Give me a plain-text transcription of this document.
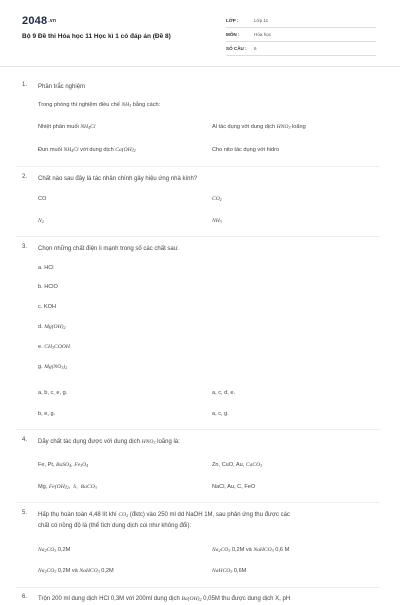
2048.vn
Bộ 9 Đề thi Hóa học 11 Học kì 1 có đáp án (Đề 8)
LỚP :	Lớp 11
MÔN :	Hóa học
SỐ CÂU : 6
1. Phần trắc nghiệm
Trong phòng thí nghiệm điều chế $NH_3$ bằng cách:
Nhiệt phân muối $NH_4Cl$	Al tác dụng với dung dịch $HNO_3$ loãng
Đun muối $NH_4Cl$ với dung dịch $Ca(OH)_2$	Cho nito tác dụng với hidro
2. Chất nào sau đây là tác nhân chính gây hiệu ứng nhà kính?
CO	$CO_2$
$N_2$	$NH_3$
3. Chọn những chất điện li mạnh trong số các chất sau:
a. HCl
b. HClO
c. KOH
d. $Mg(OH)_2$
e. $CH_3COOH$
g. $Mg(NO_3)_2$
a, b, c, e, g.	a, c, d, e.
b, e, g.	a, c, g.
4. Dãy chất tác dụng được với dung dịch $HNO_3$ loãng là:
Fe, Pt, BaSO$_4$, $Fe_3O_4$	Zn, CuO, Au, CaCO$_3$
Mg, $Fe(OH)_2$,  S,  BaCO$_3$	NaCl, Au, C, FeO
5. Hấp thụ hoàn toàn 4,48 lít khí $CO_2$ (đktc) vào 250 ml dd NaOH 1M, sau phản ứng thu được các
chất có nồng độ là (thể tích dung dịch coi như không đổi):
$Na_2CO_3$ 0,2M	$Na_2CO_3$ 0,2M và NaHCO$_3$ 0,6 M
$Na_2CO_3$ 0,2M và NaHCO$_3$ 0,2M	NaHCO$_3$ 0,6M
6. Trộn 200 ml dung dịch HCl 0,3M với 200ml dung dịch $Ba(OH)_2$ 0,05M thu được dung dịch X, pH
